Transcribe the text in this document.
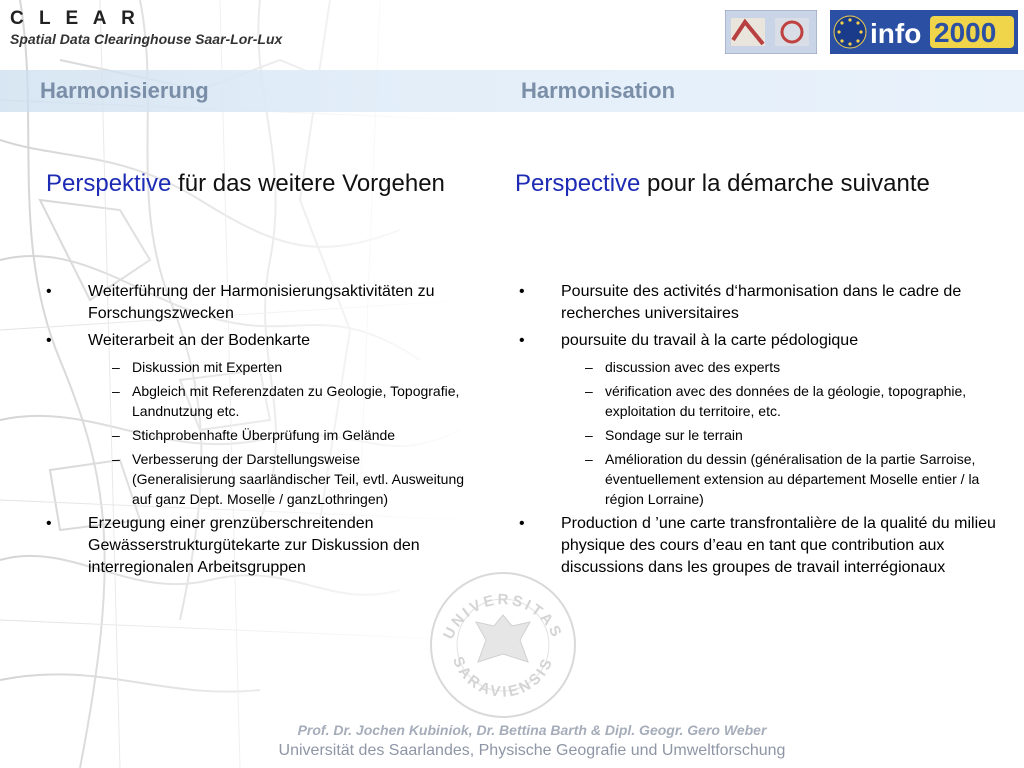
C L E A R
Spatial Data Clearinghouse Saar-Lor-Lux	info 2000
Harmonisierung	Harmonisation
Perspektive für das weitere Vorgehen	Perspective pour la démarche suivante
• Weiterführung der Harmonisierungsaktivitäten zu Forschungszwecken
• Weiterarbeit an der Bodenkarte
– Diskussion mit Experten
– Abgleich mit Referenzdaten zu Geologie, Topografie, Landnutzung etc.
– Stichprobenhafte Überprüfung im Gelände
– Verbesserung der Darstellungsweise (Generalisierung saarländischer Teil, evtl. Ausweitung auf ganz Dept. Moselle / ganzLothringen)
• Erzeugung einer grenzüberschreitenden Gewässerstrukturgütekarte zur Diskussion den interregionalen Arbeitsgruppen
• Poursuite des activités d‘harmonisation dans le cadre de recherches universitaires
• poursuite du travail à la carte pédologique
– discussion avec des experts
– vérification avec des données de la géologie, topographie, exploitation du territoire, etc.
– Sondage sur le terrain
– Amélioration du dessin (généralisation de la partie Sarroise, éventuellement extension au département Moselle entier / la région Lorraine)
• Production d ’une carte transfrontalière de la qualité du milieu physique des cours d’eau en tant que contribution aux discussions dans les groupes de travail interrégionaux
UNIVERSITAS
SARAVIENSIS
Prof. Dr. Jochen Kubiniok, Dr. Bettina Barth & Dipl. Geogr. Gero Weber
Universität des Saarlandes, Physische Geografie und Umweltforschung
